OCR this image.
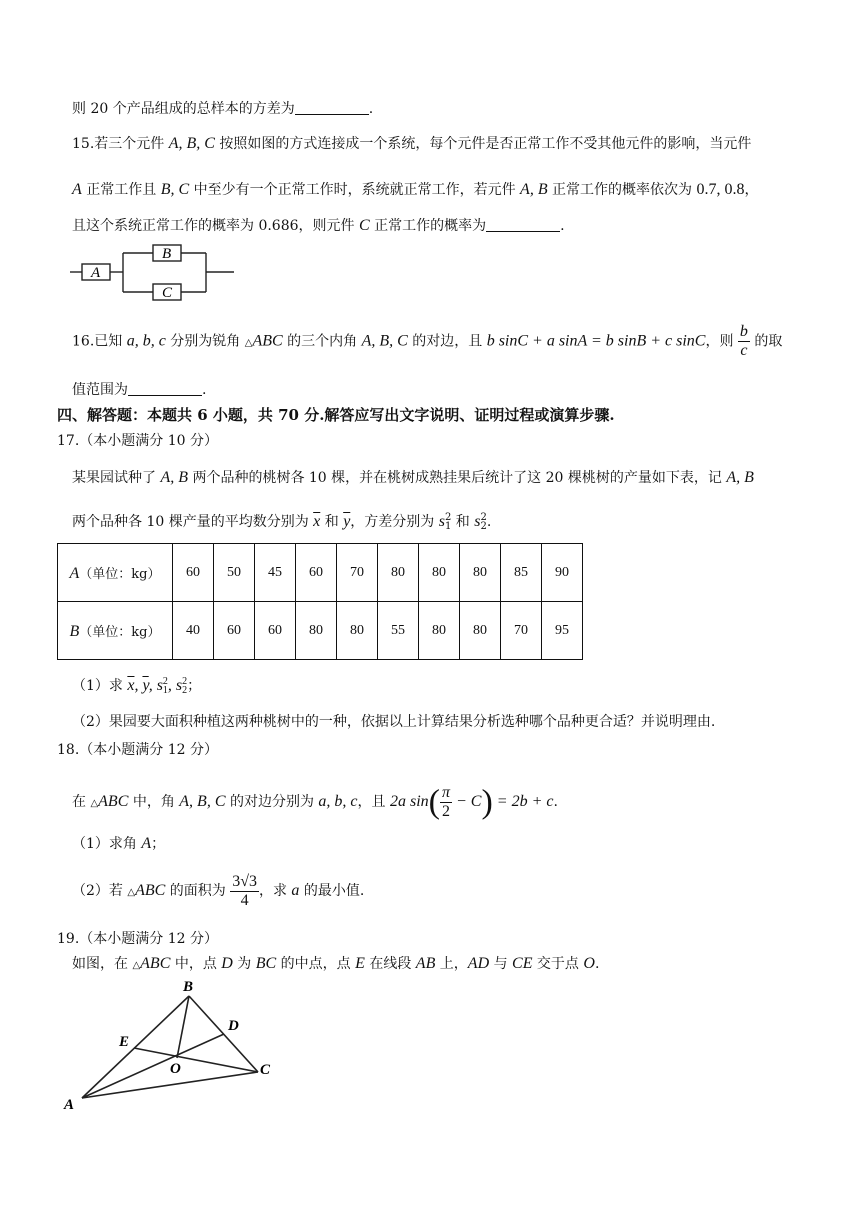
则 20 个产品组成的总样本的方差为	.
15.若三个元件 A, B, C 按照如图的方式连接成一个系统，每个元件是否正常工作不受其他元件的影响，当元件
A 正常工作且 B, C 中至少有一个正常工作时，系统就正常工作，若元件 A, B 正常工作的概率依次为 0.7, 0.8，
且这个系统正常工作的概率为 0.686，则元件 C 正常工作的概率为	.
A
B
C
16.已知 a, b, c 分别为锐角 △ABC 的三个内角 A, B, C 的对边，且 b sinC + a sinA = b sinB + c sinC，则 $\frac{b}{c}$ 的取
值范围为	.
四、解答题：本题共 6 小题，共 70 分.解答应写出文字说明、证明过程或演算步骤.
17.（本小题满分 10 分）
某果园试种了 A, B 两个品种的桃树各 10 棵，并在桃树成熟挂果后统计了这 20 棵桃树的产量如下表，记 A, B
两个品种各 10 棵产量的平均数分别为 $\overline{x}$ 和 $\overline{y}$，方差分别为 s2
1 和 s2
2.
A（单位：kg）	60	50	45	60	70	80	80	80	85	90
B（单位：kg）	40	60	60	80	80	55	80	80	70	95
（1）求 $\overline{x}$, $\overline{y}$, s2
1, s2
2；
（2）果园要大面积种植这两种桃树中的一种，依据以上计算结果分析选种哪个品种更合适？并说明理由.
18.（本小题满分 12 分）
在 △ABC 中，角 A, B, C 的对边分别为 a, b, c，且 2a $\sin( \frac{\pi}{2} - C) = 2b + c$.
（1）求角 A；
（2）若 △ABC 的面积为 $\frac{3√3}{4}$ ，求 a 的最小值.
19.（本小题满分 12 分）
如图，在 △ABC 中，点 D 为 BC 的中点，点 E 在线段 AB 上，AD 与 CE 交于点 O.
A
B
C
D
E
O
